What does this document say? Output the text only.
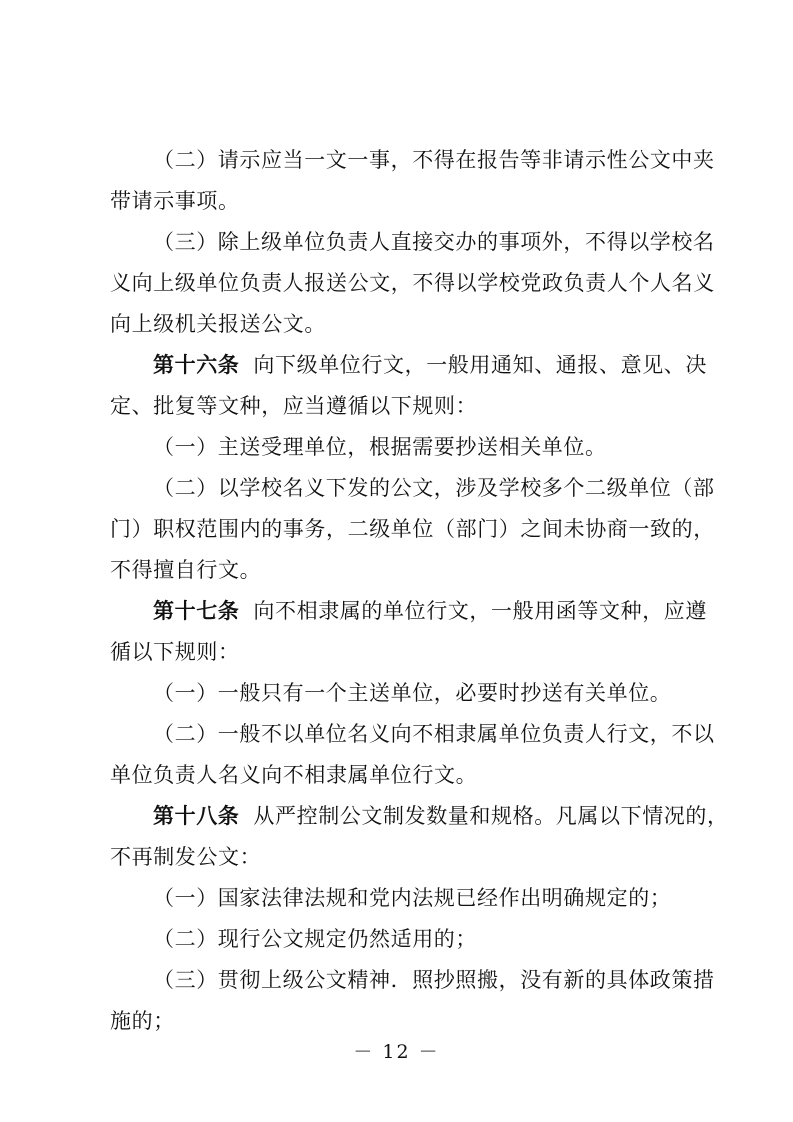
（二）请示应当一文一事，不得在报告等非请示性公文中夹
带请示事项。
（三）除上级单位负责人直接交办的事项外，不得以学校名
义向上级单位负责人报送公文，不得以学校党政负责人个人名义
向上级机关报送公文。
第十六条 向下级单位行文，一般用通知、通报、意见、决
定、批复等文种，应当遵循以下规则：
（一）主送受理单位，根据需要抄送相关单位。
（二）以学校名义下发的公文，涉及学校多个二级单位（部
门）职权范围内的事务，二级单位（部门）之间未协商一致的，
不得擅自行文。
第十七条 向不相隶属的单位行文，一般用函等文种，应遵
循以下规则：
（一）一般只有一个主送单位，必要时抄送有关单位。
（二）一般不以单位名义向不相隶属单位负责人行文，不以
单位负责人名义向不相隶属单位行文。
第十八条 从严控制公文制发数量和规格。凡属以下情况的，
不再制发公文：
（一）国家法律法规和党内法规已经作出明确规定的；
（二）现行公文规定仍然适用的；
（三）贯彻上级公文精神．照抄照搬，没有新的具体政策措
施的；
－ 12 －
